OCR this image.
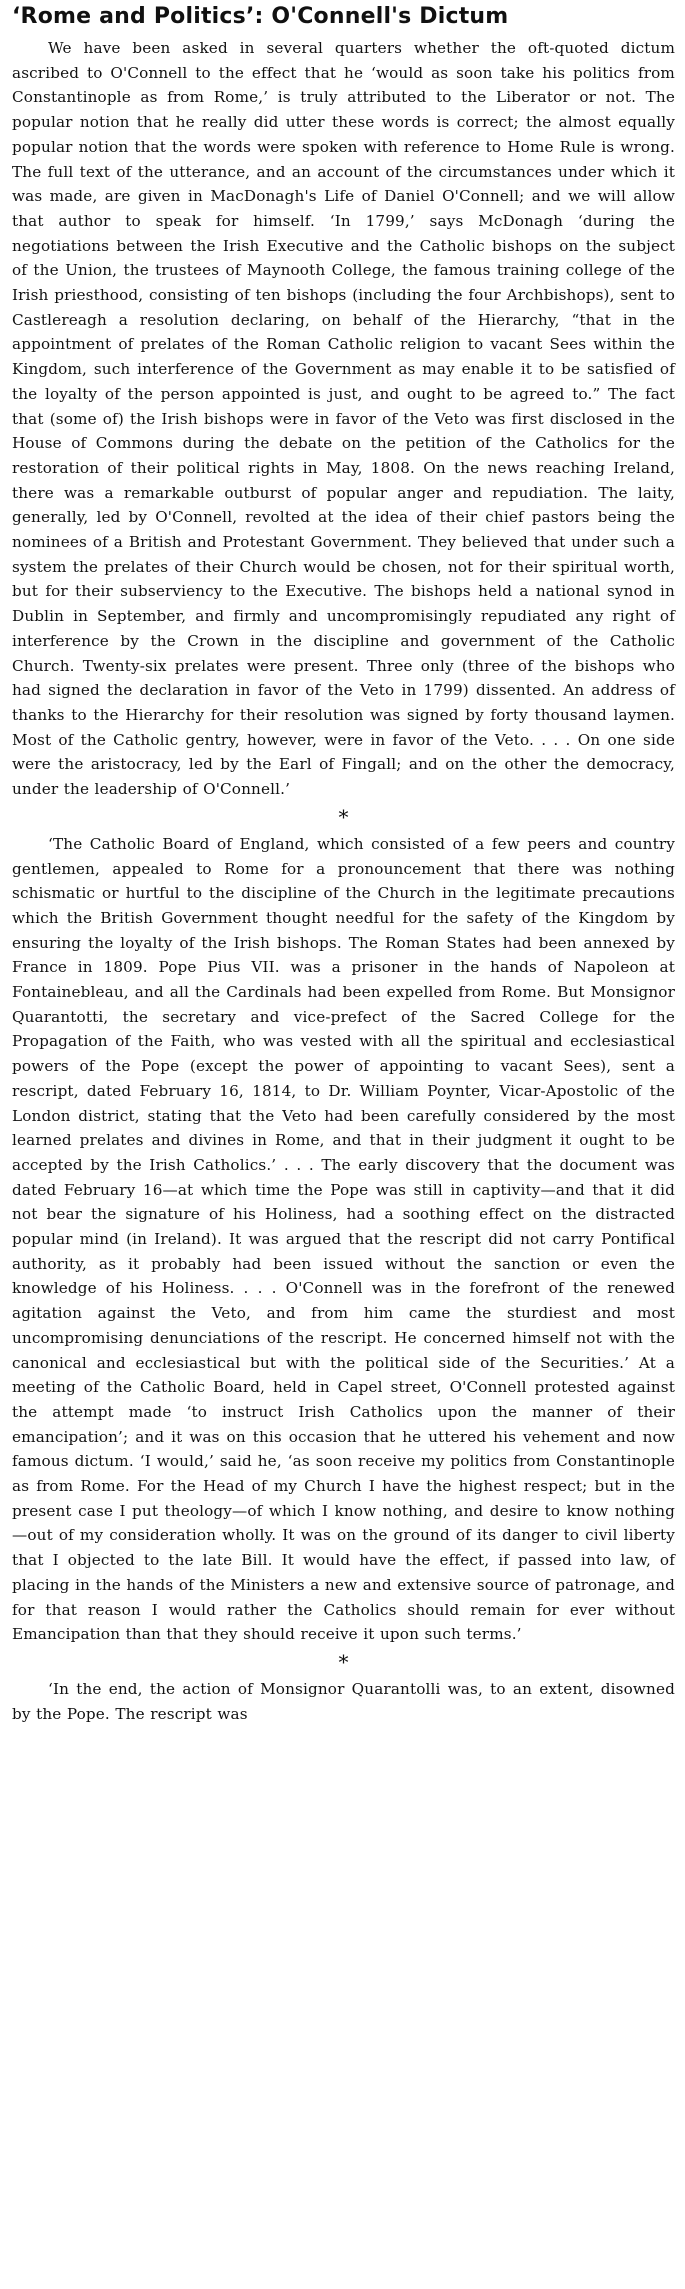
‘Rome and Politics’: O'Connell's Dictum

We have been asked in several quarters whether the oft-quoted dictum ascribed to O'Connell to the effect that he ‘would as soon take his politics from Constantinople as from Rome,’ is truly attributed to the Liberator or not. The popular notion that he really did utter these words is correct; the almost equally popular notion that the words were spoken with reference to Home Rule is wrong. The full text of the utterance, and an account of the circumstances under which it was made, are given in MacDonagh's Life of Daniel O'Connell; and we will allow that author to speak for himself. ‘In 1799,’ says McDonagh ‘during the negotiations between the Irish Executive and the Catholic bishops on the subject of the Union, the trustees of Maynooth College, the famous training college of the Irish priesthood, consisting of ten bishops (including the four Archbishops), sent to Castlereagh a resolution declaring, on behalf of the Hierarchy, “that in the appointment of prelates of the Roman Catholic religion to vacant Sees within the Kingdom, such interference of the Government as may enable it to be satisfied of the loyalty of the person appointed is just, and ought to be agreed to.” The fact that (some of) the Irish bishops were in favor of the Veto was first disclosed in the House of Commons during the debate on the petition of the Catholics for the restoration of their political rights in May, 1808. On the news reaching Ireland, there was a remarkable outburst of popular anger and repudiation. The laity, generally, led by O'Connell, revolted at the idea of their chief pastors being the nominees of a British and Protestant Government. They believed that under such a system the prelates of their Church would be chosen, not for their spiritual worth, but for their subserviency to the Executive. The bishops held a national synod in Dublin in September, and firmly and uncompromisingly repudiated any right of interference by the Crown in the discipline and government of the Catholic Church. Twenty-six prelates were present. Three only (three of the bishops who had signed the declaration in favor of the Veto in 1799) dissented. An address of thanks to the Hierarchy for their resolution was signed by forty thousand laymen. Most of the Catholic gentry, however, were in favor of the Veto. . . . On one side were the aristocracy, led by the Earl of Fingall; and on the other the democracy, under the leadership of O'Connell.’

*

‘The Catholic Board of England, which consisted of a few peers and country gentlemen, appealed to Rome for a pronouncement that there was nothing schismatic or hurtful to the discipline of the Church in the legitimate precautions which the British Government thought needful for the safety of the Kingdom by ensuring the loyalty of the Irish bishops. The Roman States had been annexed by France in 1809. Pope Pius VII. was a prisoner in the hands of Napoleon at Fontainebleau, and all the Cardinals had been expelled from Rome. But Monsignor Quarantotti, the secretary and vice-prefect of the Sacred College for the Propagation of the Faith, who was vested with all the spiritual and ecclesiastical powers of the Pope (except the power of appointing to vacant Sees), sent a rescript, dated February 16, 1814, to Dr. William Poynter, Vicar-Apostolic of the London district, stating that the Veto had been carefully considered by the most learned prelates and divines in Rome, and that in their judgment it ought to be accepted by the Irish Catholics.’ . . . The early discovery that the document was dated February 16—at which time the Pope was still in captivity—and that it did not bear the signature of his Holiness, had a soothing effect on the distracted popular mind (in Ireland). It was argued that the rescript did not carry Pontifical authority, as it probably had been issued without the sanction or even the knowledge of his Holiness. . . . O'Connell was in the forefront of the renewed agitation against the Veto, and from him came the sturdiest and most uncompromising denunciations of the rescript. He concerned himself not with the canonical and ecclesiastical but with the political side of the Securities.’ At a meeting of the Catholic Board, held in Capel street, O'Connell protested against the attempt made ‘to instruct Irish Catholics upon the manner of their emancipation’; and it was on this occasion that he uttered his vehement and now famous dictum. ‘I would,’ said he, ‘as soon receive my politics from Constantinople as from Rome. For the Head of my Church I have the highest respect; but in the present case I put theology—of which I know nothing, and desire to know nothing—out of my consideration wholly. It was on the ground of its danger to civil liberty that I objected to the late Bill. It would have the effect, if passed into law, of placing in the hands of the Ministers a new and extensive source of patronage, and for that reason I would rather the Catholics should remain for ever without Emancipation than that they should receive it upon such terms.’

*

‘In the end, the action of Monsignor Quarantolli was, to an extent, disowned by the Pope. The rescript was
